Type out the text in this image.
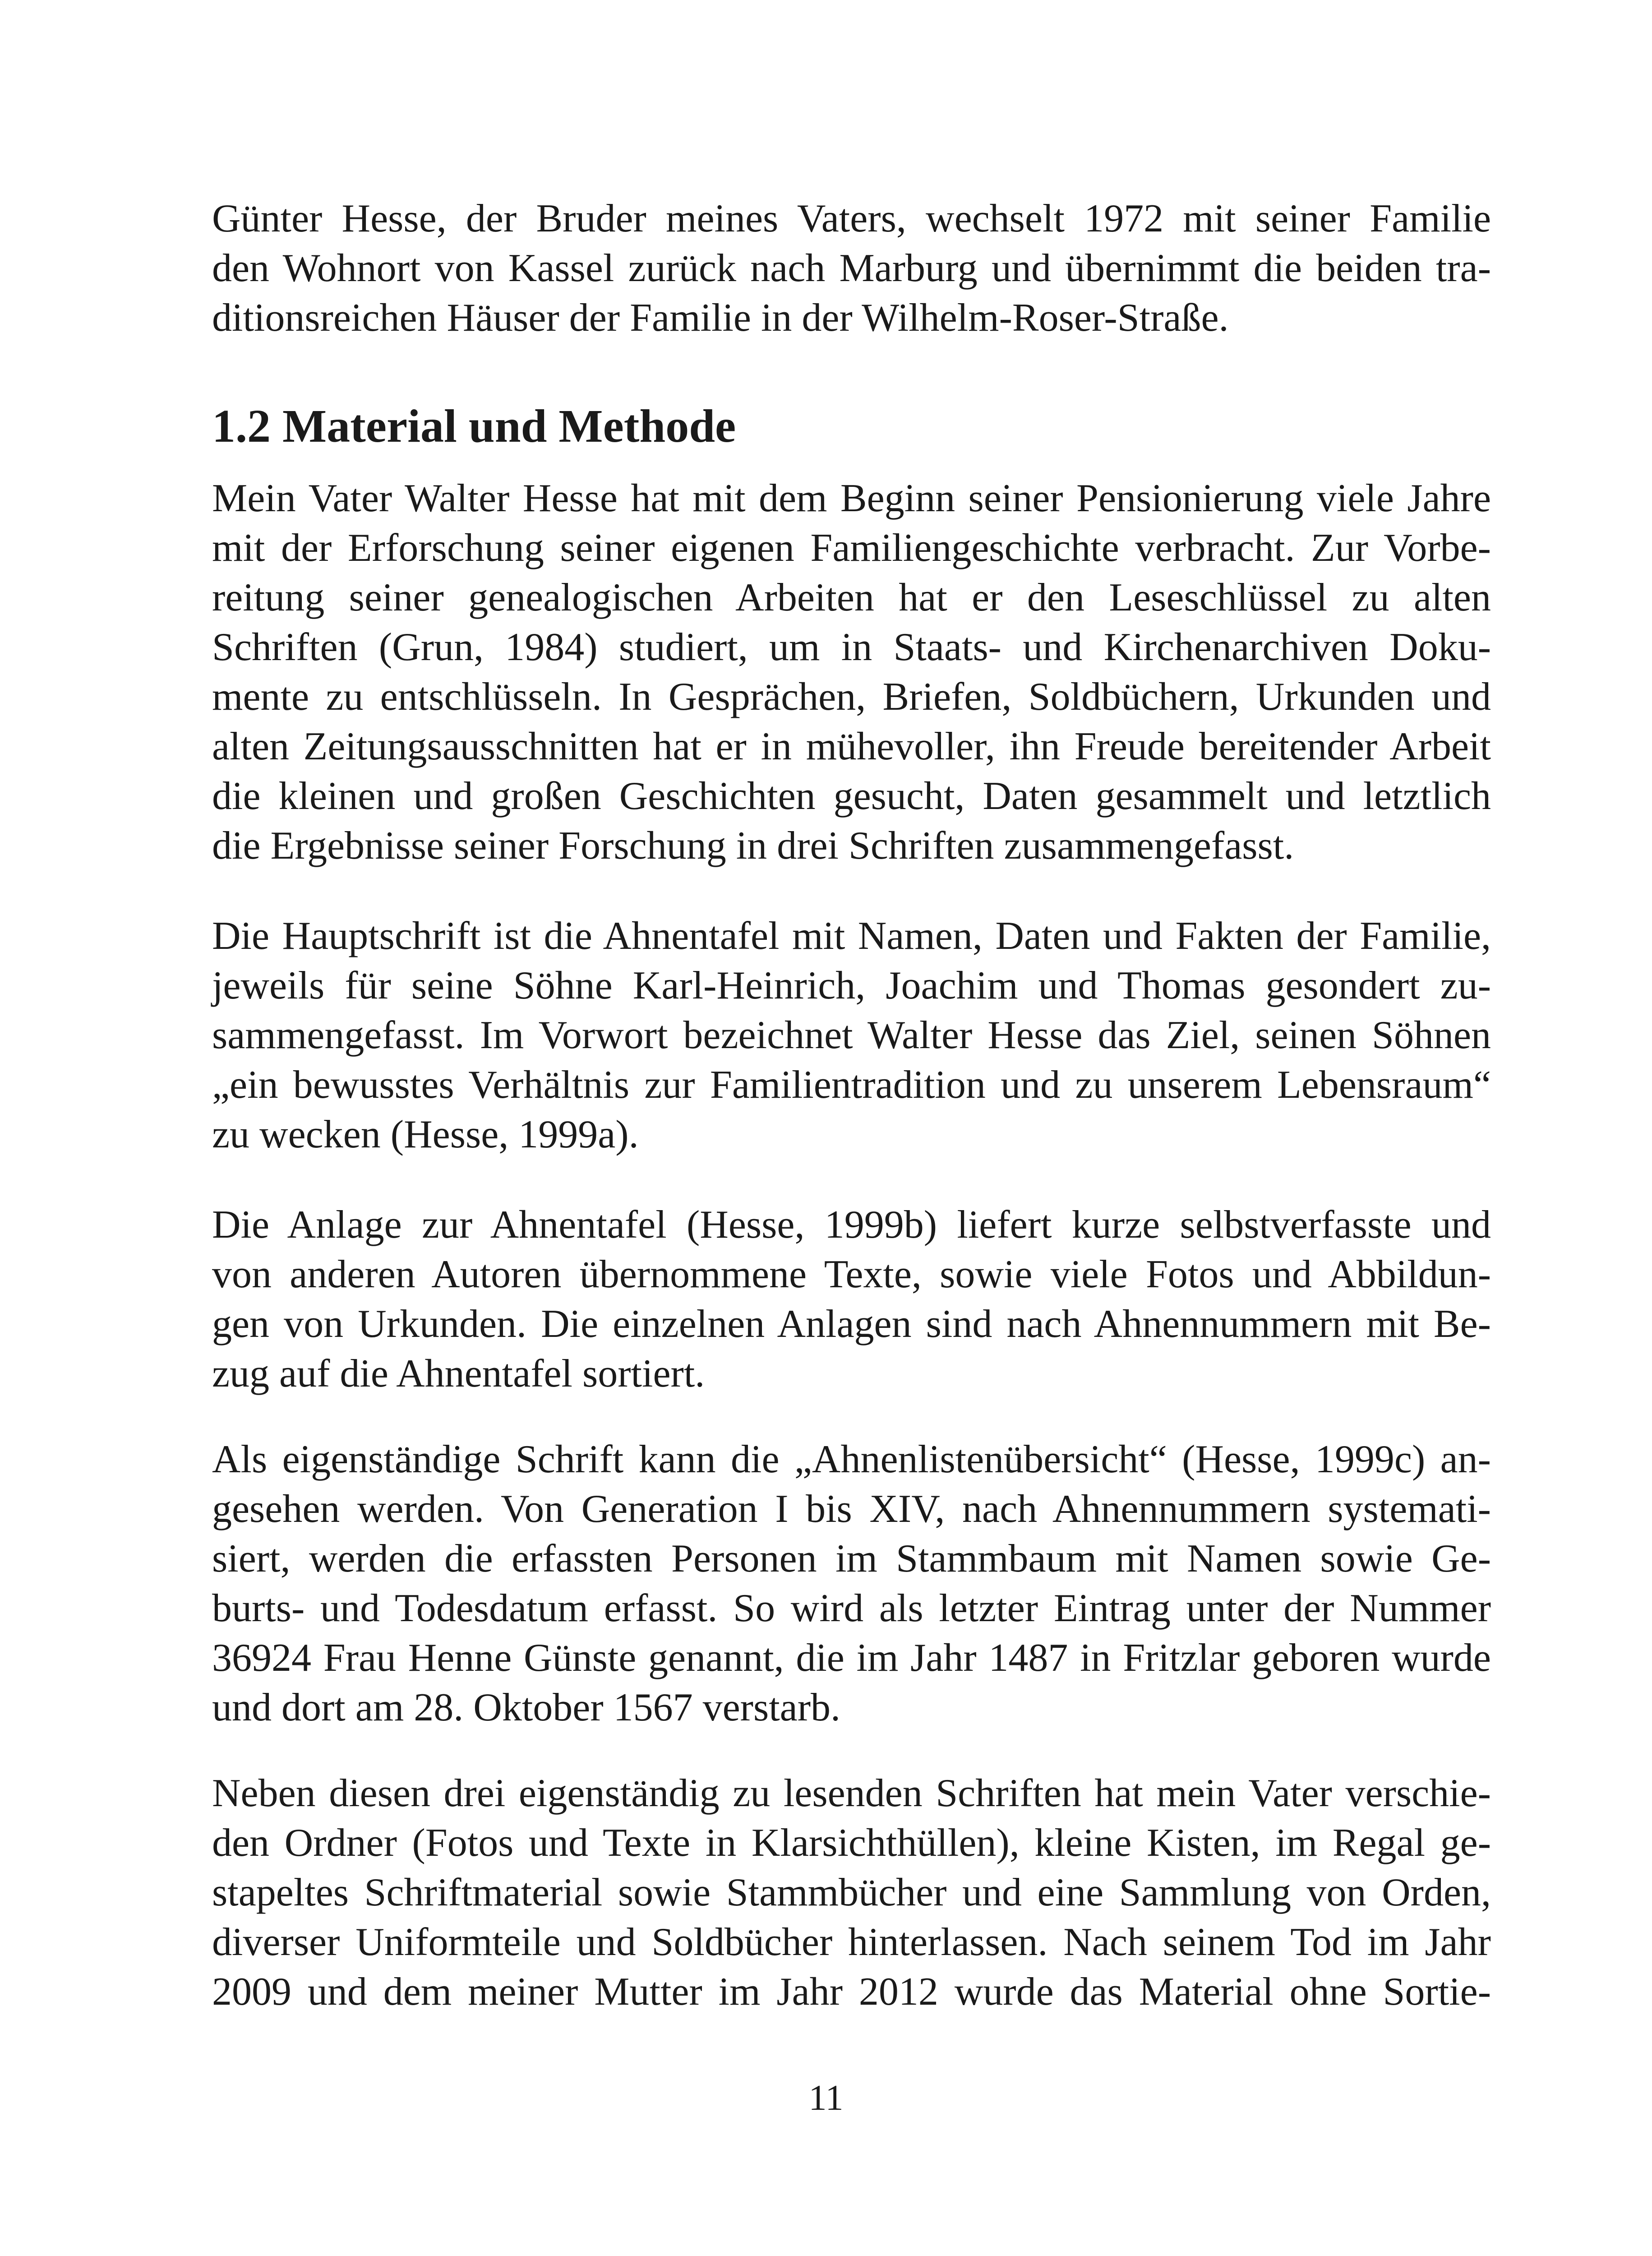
Günter Hesse, der Bruder meines Vaters, wechselt 1972 mit seiner Familie
den Wohnort von Kassel zurück nach Marburg und übernimmt die beiden tra-
ditionsreichen Häuser der Familie in der Wilhelm-Roser-Straße.
1.2 Material und Methode
Mein Vater Walter Hesse hat mit dem Beginn seiner Pensionierung viele Jahre
mit der Erforschung seiner eigenen Familiengeschichte verbracht. Zur Vorbe-
reitung seiner genealogischen Arbeiten hat er den Leseschlüssel zu alten
Schriften (Grun, 1984) studiert, um in Staats- und Kirchenarchiven Doku-
mente zu entschlüsseln. In Gesprächen, Briefen, Soldbüchern, Urkunden und
alten Zeitungsausschnitten hat er in mühevoller, ihn Freude bereitender Arbeit
die kleinen und großen Geschichten gesucht, Daten gesammelt und letztlich
die Ergebnisse seiner Forschung in drei Schriften zusammengefasst.
Die Hauptschrift ist die Ahnentafel mit Namen, Daten und Fakten der Familie,
jeweils für seine Söhne Karl-Heinrich, Joachim und Thomas gesondert zu-
sammengefasst. Im Vorwort bezeichnet Walter Hesse das Ziel, seinen Söhnen
„ein bewusstes Verhältnis zur Familientradition und zu unserem Lebensraum“
zu wecken (Hesse, 1999a).
Die Anlage zur Ahnentafel (Hesse, 1999b) liefert kurze selbstverfasste und
von anderen Autoren übernommene Texte, sowie viele Fotos und Abbildun-
gen von Urkunden. Die einzelnen Anlagen sind nach Ahnennummern mit Be-
zug auf die Ahnentafel sortiert.
Als eigenständige Schrift kann die „Ahnenlistenübersicht“ (Hesse, 1999c) an-
gesehen werden. Von Generation I bis XIV, nach Ahnennummern systemati-
siert, werden die erfassten Personen im Stammbaum mit Namen sowie Ge-
burts- und Todesdatum erfasst. So wird als letzter Eintrag unter der Nummer
36924 Frau Henne Günste genannt, die im Jahr 1487 in Fritzlar geboren wurde
und dort am 28. Oktober 1567 verstarb.
Neben diesen drei eigenständig zu lesenden Schriften hat mein Vater verschie-
den Ordner (Fotos und Texte in Klarsichthüllen), kleine Kisten, im Regal ge-
stapeltes Schriftmaterial sowie Stammbücher und eine Sammlung von Orden,
diverser Uniformteile und Soldbücher hinterlassen. Nach seinem Tod im Jahr
2009 und dem meiner Mutter im Jahr 2012 wurde das Material ohne Sortie-
11
